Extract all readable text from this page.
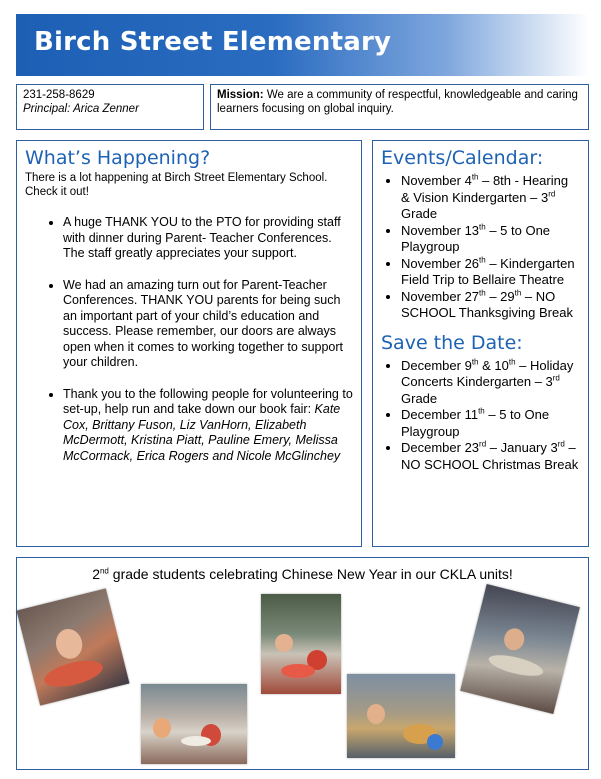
Birch Street Elementary
231-258-8629
Principal: Arica Zenner
Mission: We are a community of respectful, knowledgeable and caring learners focusing on global inquiry.
What’s Happening?
There is a lot happening at Birch Street Elementary School. Check it out!
• A huge THANK YOU to the PTO for providing staff with dinner during Parent- Teacher Conferences. The staff greatly appreciates your support.
• We had an amazing turn out for Parent-Teacher Conferences. THANK YOU parents for being such an important part of your child’s education and success. Please remember, our doors are always open when it comes to working together to support your children.
• Thank you to the following people for volunteering to set-up, help run and take down our book fair: Kate Cox, Brittany Fuson, Liz VanHorn, Elizabeth McDermott, Kristina Piatt, Pauline Emery, Melissa McCormack, Erica Rogers and Nicole McGlinchey
Events/Calendar:
• November 4th – 8th - Hearing & Vision Kindergarten – 3rd Grade
• November 13th – 5 to One Playgroup
• November 26th – Kindergarten Field Trip to Bellaire Theatre
• November 27th – 29th – NO SCHOOL Thanksgiving Break
Save the Date:
• December 9th & 10th – Holiday Concerts Kindergarten – 3rd Grade
• December 11th – 5 to One Playgroup
• December 23rd – January 3rd – NO SCHOOL Christmas Break
2nd grade students celebrating Chinese New Year in our CKLA units!
